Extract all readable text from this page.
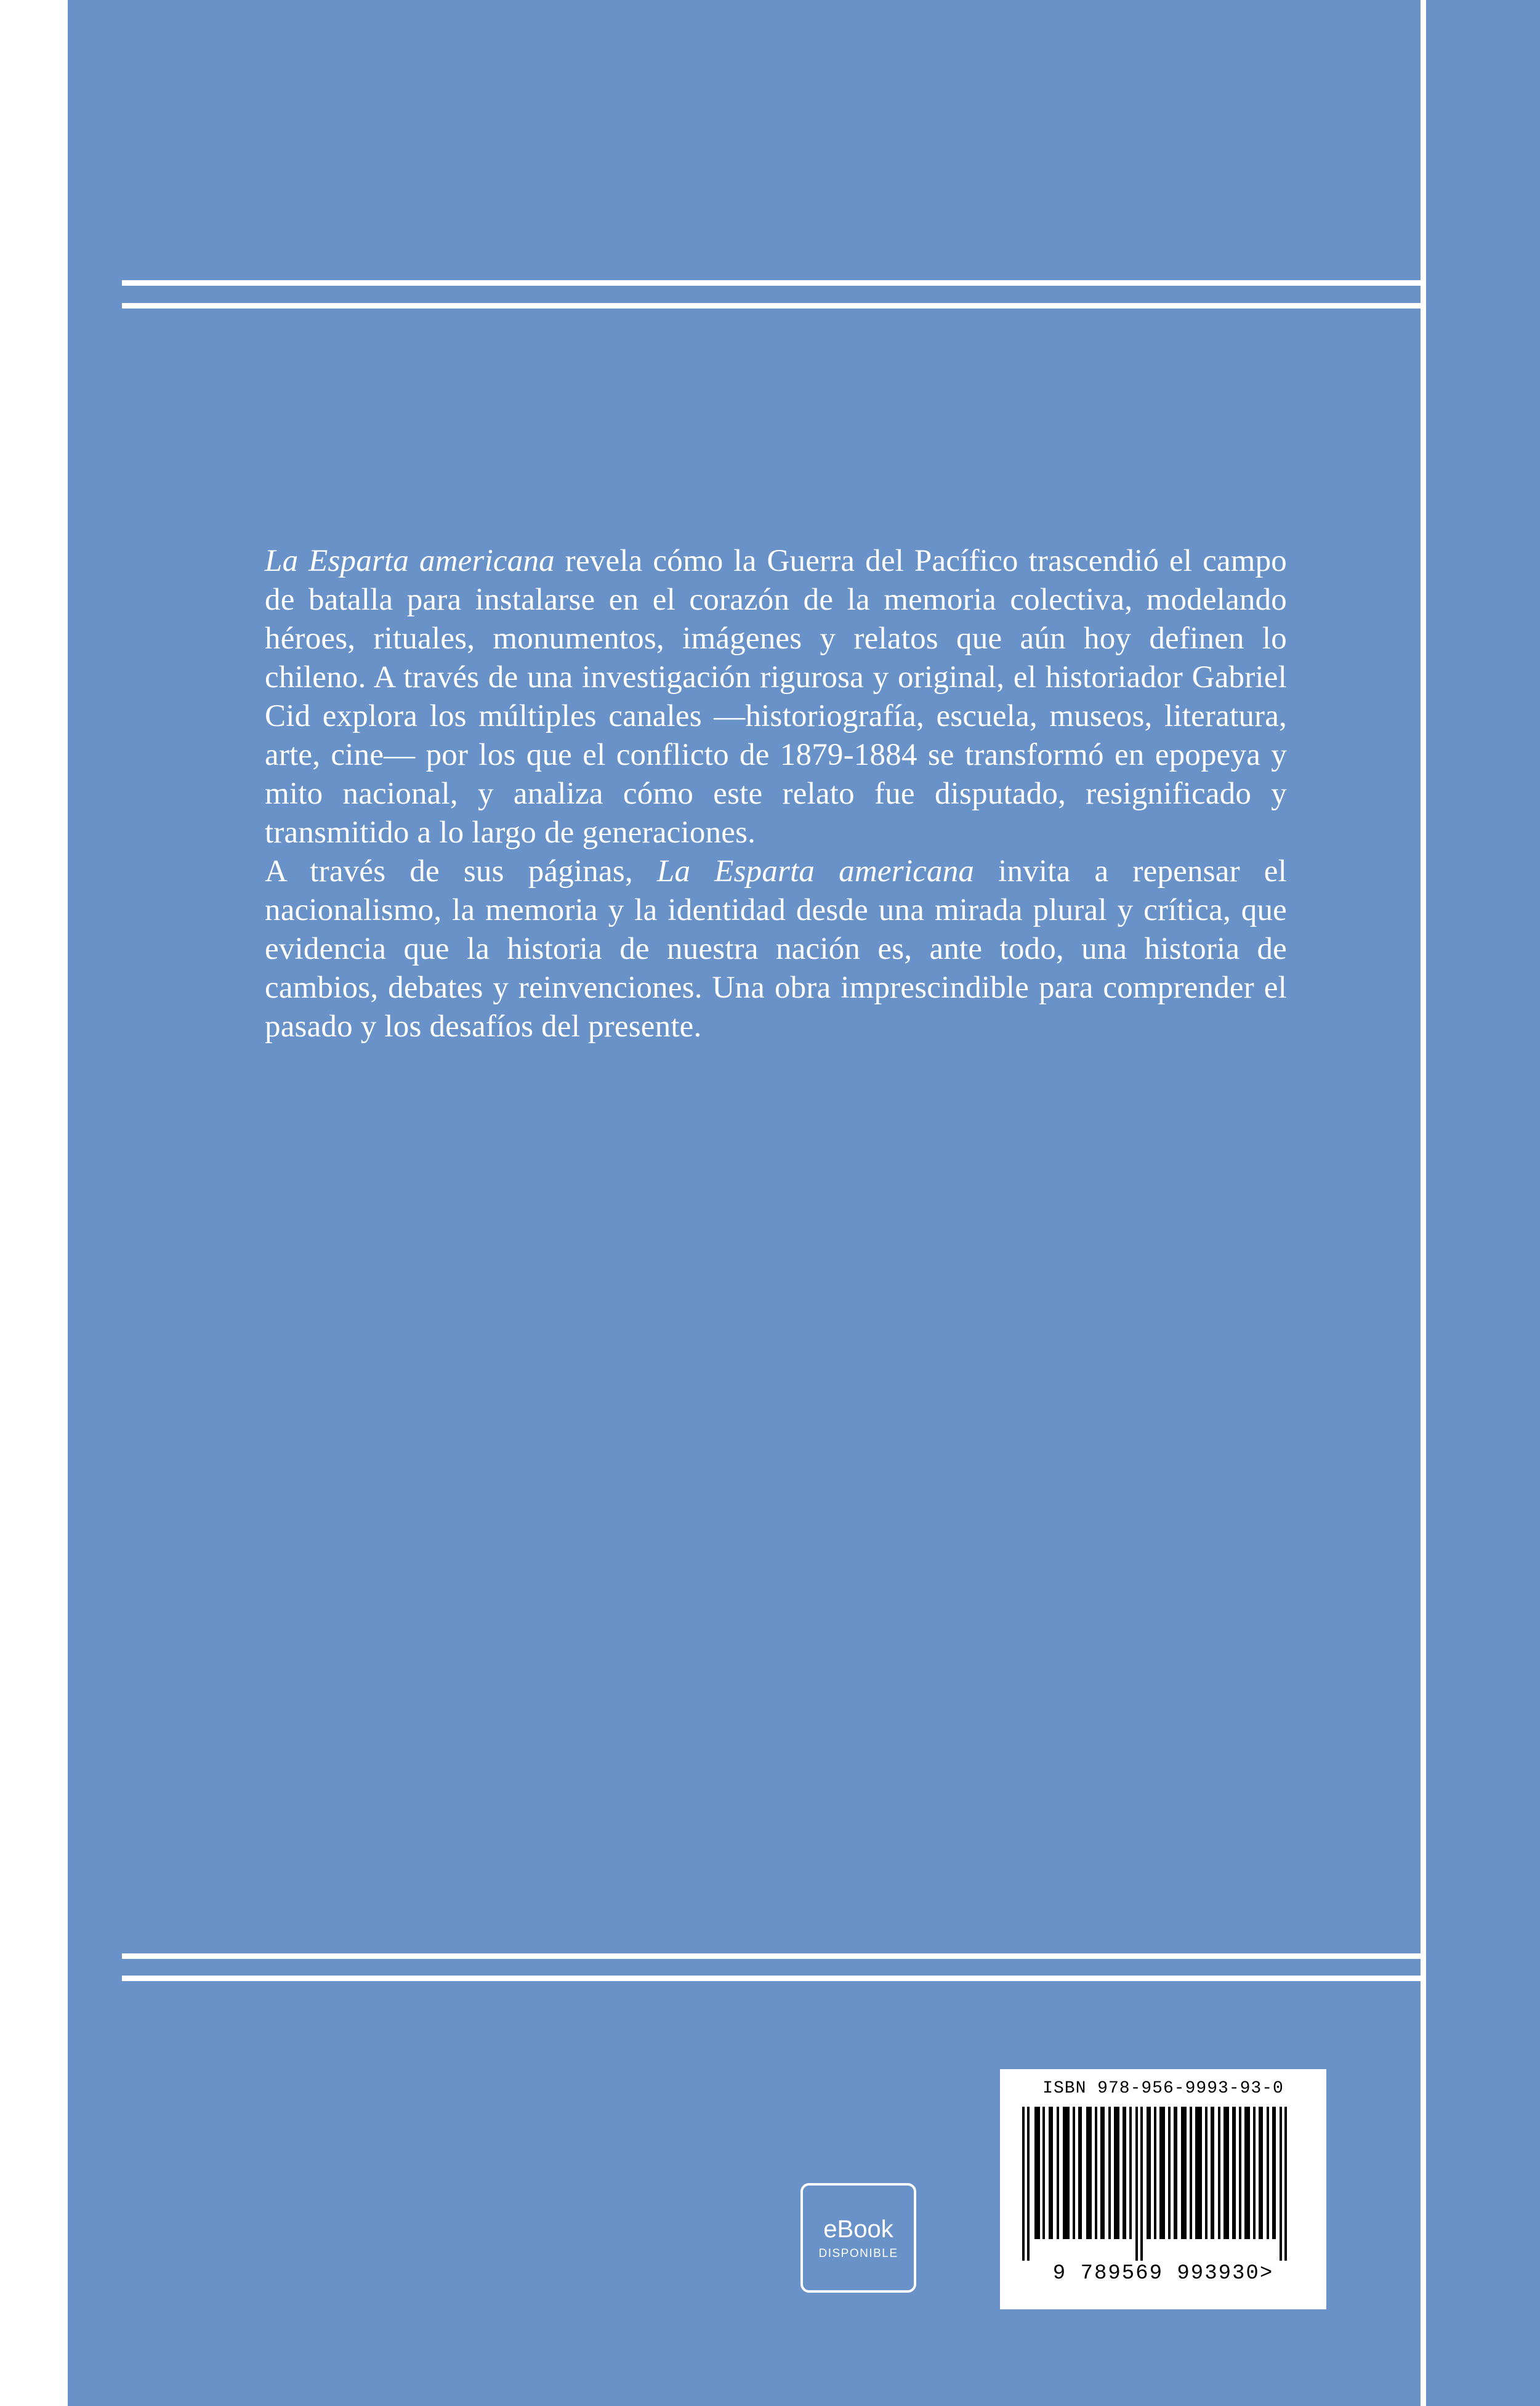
La Esparta americana revela cómo la Guerra del Pacífico trascendió el campo de batalla para instalarse en el corazón de la memoria colectiva, modelando héroes, rituales, monumentos, imágenes y relatos que aún hoy definen lo chileno. A través de una investigación rigurosa y original, el historiador Gabriel Cid explora los múltiples canales —historiografía, escuela, museos, literatura, arte, cine— por los que el conflicto de 1879-1884 se transformó en epopeya y mito nacional, y analiza cómo este relato fue disputado, resignificado y transmitido a lo largo de generaciones.

A través de sus páginas, La Esparta americana invita a repensar el nacionalismo, la memoria y la identidad desde una mirada plural y crítica, que evidencia que la historia de nuestra nación es, ante todo, una historia de cambios, debates y reinvenciones. Una obra imprescindible para comprender el pasado y los desafíos del presente.

eBook
DISPONIBLE
ISBN 978-956-9993-93-0
9 789569 993930>
